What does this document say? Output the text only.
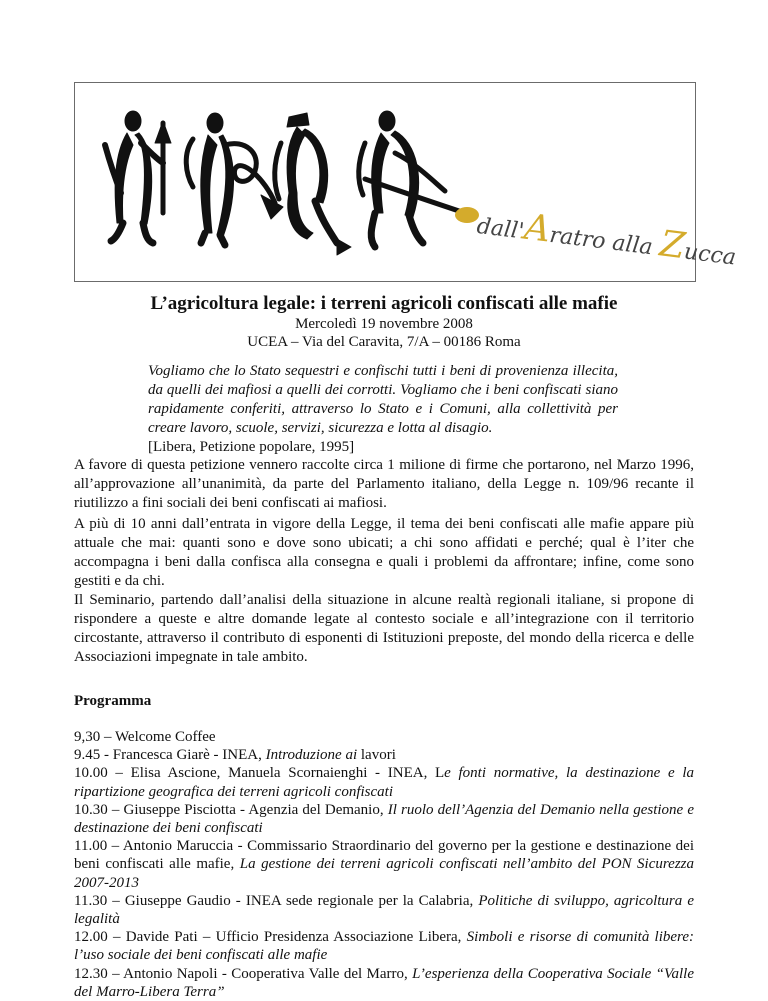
dall'Aratro alla Zucca
L’agricoltura legale: i terreni agricoli confiscati alle mafie

Mercoledì 19 novembre 2008

UCEA – Via del Caravita, 7/A – 00186 Roma

Vogliamo che lo Stato sequestri e confischi tutti i beni di provenienza illecita, da quelli dei mafiosi a quelli dei corrotti. Vogliamo che i beni confiscati siano rapidamente conferiti, attraverso lo Stato e i Comuni, alla collettività per creare lavoro, scuole, servizi, sicurezza e lotta al disagio.
[Libera, Petizione popolare, 1995]

A favore di questa petizione vennero raccolte circa 1 milione di firme che portarono, nel Marzo 1996, all’approvazione all’unanimità, da parte del Parlamento italiano, della Legge n. 109/96 recante il riutilizzo a fini sociali dei beni confiscati ai mafiosi.

A più di 10 anni dall’entrata in vigore della Legge, il tema dei beni confiscati alle mafie appare più attuale che mai: quanti sono e dove sono ubicati; a chi sono affidati e perché; qual è l’iter che accompagna i beni dalla confisca alla consegna e quali i problemi da affrontare; infine, come sono gestiti e da chi.

Il Seminario, partendo dall’analisi della situazione in alcune realtà regionali italiane, si propone di rispondere a queste e altre domande legate al contesto sociale e all’integrazione con il territorio circostante, attraverso il contributo di esponenti di Istituzioni preposte, del mondo della ricerca e delle Associazioni impegnate in tale ambito.

Programma
9,30 – Welcome Coffee
9.45 - Francesca Giarè - INEA, Introduzione ai lavori
10.00 – Elisa Ascione, Manuela Scornaienghi - INEA, Le fonti normative, la destinazione e la ripartizione geografica dei terreni agricoli confiscati
10.30 – Giuseppe Pisciotta - Agenzia del Demanio, Il ruolo dell’Agenzia del Demanio nella gestione e destinazione dei beni confiscati
11.00 – Antonio Maruccia - Commissario Straordinario del governo per la gestione e destinazione dei beni confiscati alle mafie, La gestione dei terreni agricoli confiscati nell’ambito del PON Sicurezza 2007-2013
11.30 – Giuseppe Gaudio - INEA sede regionale per la Calabria, Politiche di sviluppo, agricoltura e legalità
12.00 – Davide Pati – Ufficio Presidenza Associazione Libera, Simboli e risorse di comunità libere: l’uso sociale dei beni confiscati alle mafie
12.30 – Antonio Napoli - Cooperativa Valle del Marro, L’esperienza della Cooperativa Sociale “Valle del Marro-Libera Terra”
